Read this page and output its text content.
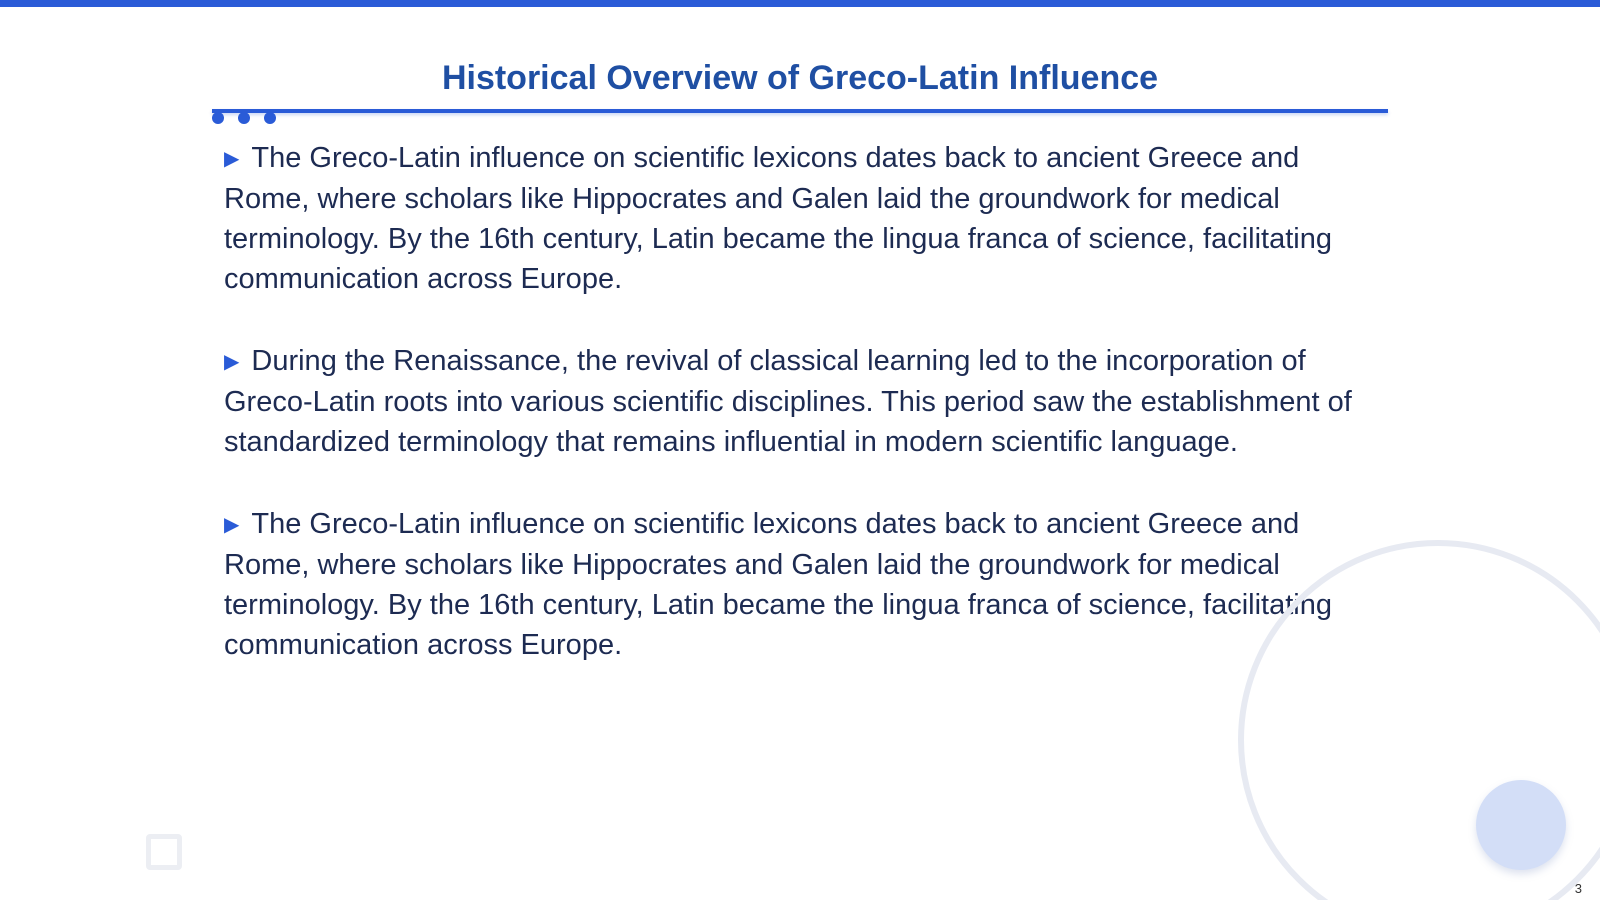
Historical Overview of Greco-Latin Influence

▶ The Greco-Latin influence on scientific lexicons dates back to ancient Greece and Rome, where scholars like Hippocrates and Galen laid the groundwork for medical terminology. By the 16th century, Latin became the lingua franca of science, facilitating communication across Europe.

▶ During the Renaissance, the revival of classical learning led to the incorporation of Greco-Latin roots into various scientific disciplines. This period saw the establishment of standardized terminology that remains influential in modern scientific language.

▶ The Greco-Latin influence on scientific lexicons dates back to ancient Greece and Rome, where scholars like Hippocrates and Galen laid the groundwork for medical terminology. By the 16th century, Latin became the lingua franca of science, facilitating communication across Europe.

3
